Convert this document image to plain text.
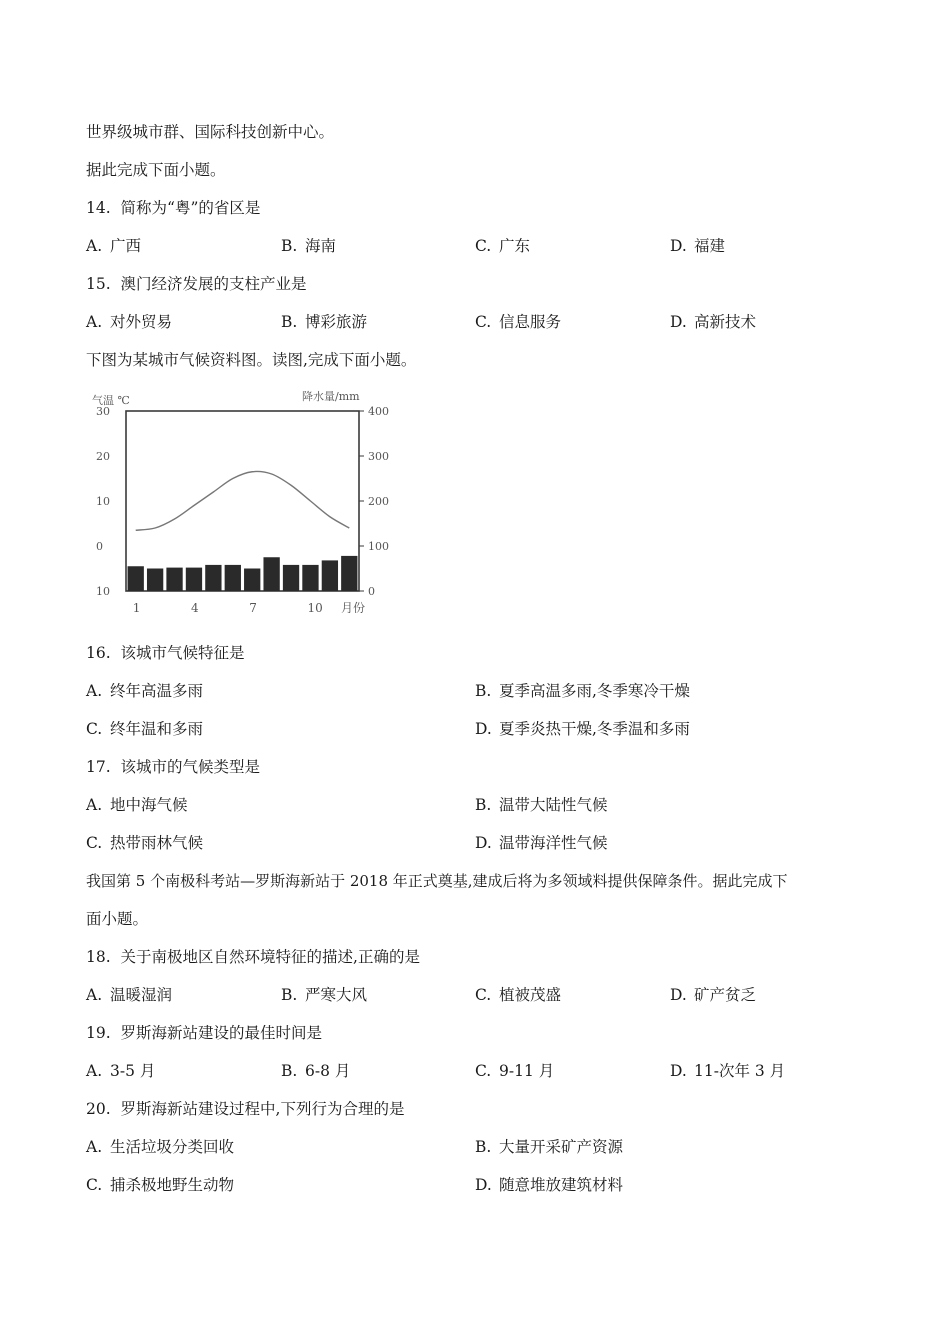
世界级城市群、国际科技创新中心。
据此完成下面小题。
14. 简称为“粤”的省区是
A. 广西	B. 海南	C. 广东	D. 福建
15. 澳门经济发展的支柱产业是
A. 对外贸易	B. 博彩旅游	C. 信息服务	D. 高新技术
下图为某城市气候资料图。读图,完成下面小题。
气温 ℃	降水量/mm
月份
30
20
10
0
10
400
300
200
100
0
1	4	7	10
16. 该城市气候特征是
A. 终年高温多雨	B. 夏季高温多雨,冬季寒冷干燥
C. 终年温和多雨	D. 夏季炎热干燥,冬季温和多雨
17. 该城市的气候类型是
A. 地中海气候	B. 温带大陆性气候
C. 热带雨林气候	D. 温带海洋性气候
我国第 5 个南极科考站—罗斯海新站于 2018 年正式奠基,建成后将为多领域料提供保障条件。据此完成下
面小题。
18. 关于南极地区自然环境特征的描述,正确的是
A. 温暖湿润	B. 严寒大风	C. 植被茂盛	D. 矿产贫乏
19. 罗斯海新站建设的最佳时间是
A. 3-5 月	B. 6-8 月	C. 9-11 月	D. 11-次年 3 月
20. 罗斯海新站建设过程中,下列行为合理的是
A. 生活垃圾分类回收	B. 大量开采矿产资源
C. 捕杀极地野生动物	D. 随意堆放建筑材料
